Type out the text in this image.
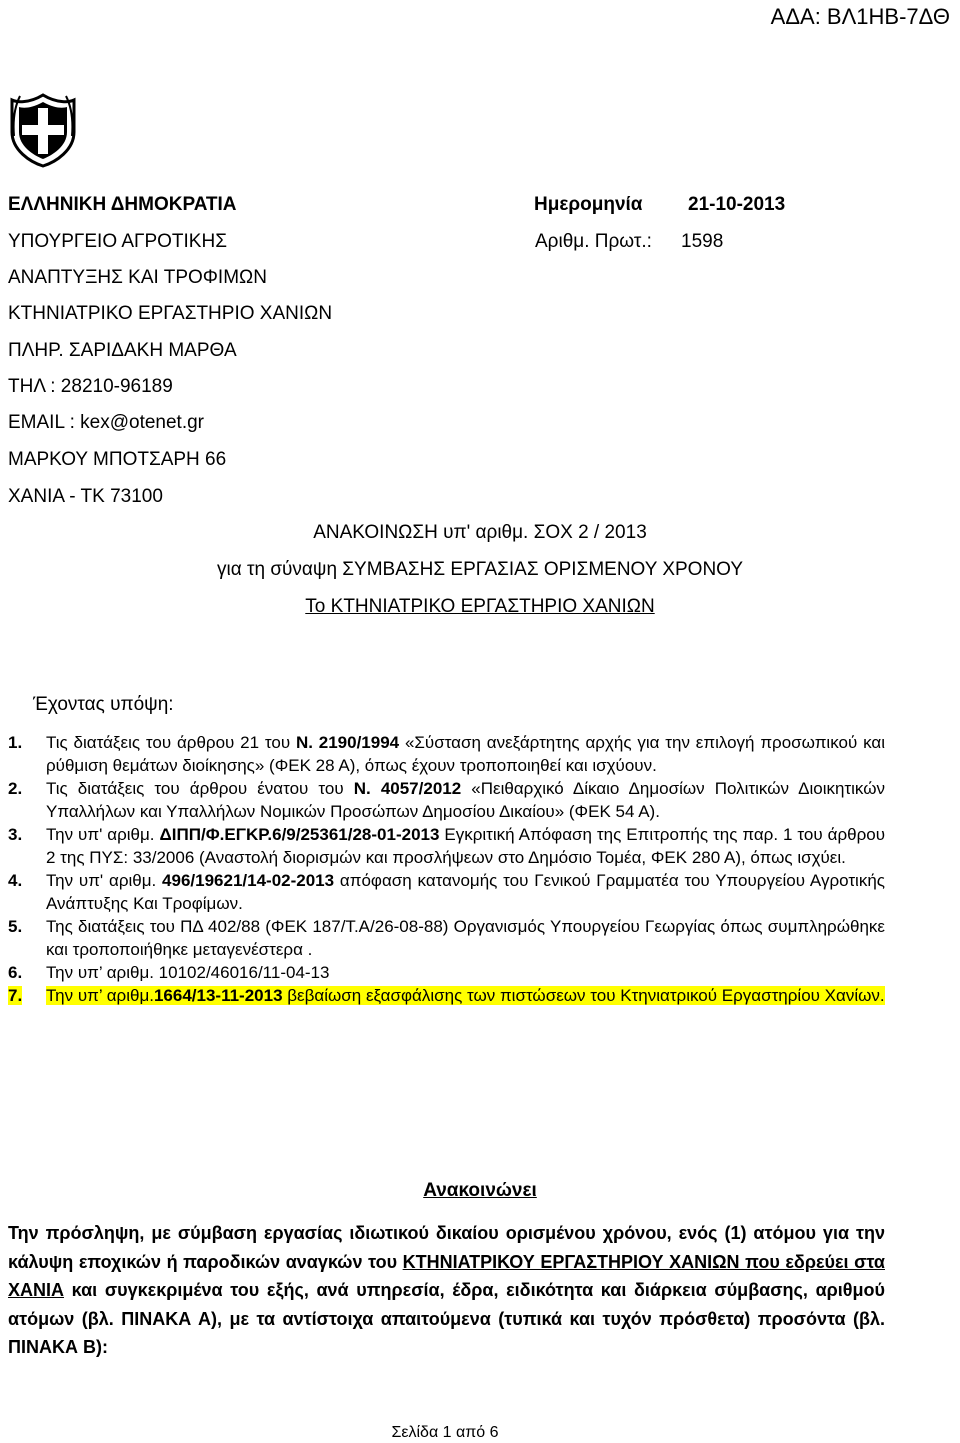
ΑΔΑ: ΒΛ1ΗΒ-7ΔΘ
ΕΛΛΗΝΙΚΗ ΔΗΜΟΚΡΑΤΙΑ
ΥΠΟΥΡΓΕΙΟ ΑΓΡΟΤΙΚΗΣ
ΑΝΑΠΤΥΞΗΣ ΚΑΙ ΤΡΟΦΙΜΩΝ
ΚΤΗΝΙΑΤΡΙΚΟ ΕΡΓΑΣΤΗΡΙΟ ΧΑΝΙΩΝ
ΠΛΗΡ. ΣΑΡΙΔΑΚΗ ΜΑΡΘΑ
ΤΗΛ : 28210-96189
EMAIL : kex@otenet.gr
ΜΑΡΚΟΥ ΜΠΟΤΣΑΡΗ 66
ΧΑΝΙΑ - ΤΚ 73100
Ημερομηνία 21-10-2013
Αριθμ. Πρωτ.: 1598
ΑΝΑΚΟΙΝΩΣΗ υπ' αριθμ. ΣΟΧ 2 / 2013
για τη σύναψη ΣΥΜΒΑΣΗΣ ΕΡΓΑΣΙΑΣ ΟΡΙΣΜΕΝΟΥ ΧΡΟΝΟΥ
Το ΚΤΗΝΙΑΤΡΙΚΟ ΕΡΓΑΣΤΗΡΙΟ ΧΑΝΙΩΝ
Έχοντας υπόψη:
1.	Τις διατάξεις του άρθρου 21 του Ν. 2190/1994 «Σύσταση ανεξάρτητης αρχής για την επιλογή προσωπικού και ρύθμιση θεμάτων διοίκησης» (ΦΕΚ 28 Α), όπως έχουν τροποποιηθεί και ισχύουν.
2.	Τις διατάξεις του άρθρου ένατου του Ν. 4057/2012 «Πειθαρχικό Δίκαιο Δημοσίων Πολιτικών Διοικητικών Υπαλλήλων και Υπαλλήλων Νομικών Προσώπων Δημοσίου Δικαίου» (ΦΕΚ 54 Α).
3.	Την υπ' αριθμ. ΔΙΠΠ/Φ.ΕΓΚΡ.6/9/25361/28-01-2013 Εγκριτική Απόφαση της Επιτροπής της παρ. 1 του άρθρου 2 της ΠΥΣ: 33/2006 (Αναστολή διορισμών και προσλήψεων στο Δημόσιο Τομέα, ΦΕΚ 280 Α), όπως ισχύει.
4.	Την υπ' αριθμ. 496/19621/14-02-2013 απόφαση κατανομής του Γενικού Γραμματέα του Υπουργείου Αγροτικής Ανάπτυξης Και Τροφίμων.
5.	Της διατάξεις του ΠΔ 402/88 (ΦΕΚ 187/Τ.Α/26-08-88) Οργανισμός Υπουργείου Γεωργίας όπως συμπληρώθηκε και τροποποιήθηκε μεταγενέστερα .
6.	Την υπ’ αριθμ. 10102/46016/11-04-13
7.	Την υπ’ αριθμ.1664/13-11-2013 βεβαίωση εξασφάλισης των πιστώσεων του Κτηνιατρικού Εργαστηρίου Χανίων.
Ανακοινώνει
Την πρόσληψη, με σύμβαση εργασίας ιδιωτικού δικαίου ορισμένου χρόνου, ενός (1) ατόμου για την κάλυψη εποχικών ή παροδικών αναγκών του ΚΤΗΝΙΑΤΡΙΚΟΥ ΕΡΓΑΣΤΗΡΙΟΥ ΧΑΝΙΩΝ που εδρεύει στα ΧΑΝΙΑ και συγκεκριμένα του εξής, ανά υπηρεσία, έδρα, ειδικότητα και διάρκεια σύμβασης, αριθμού ατόμων (βλ. ΠΙΝΑΚΑ Α), με τα αντίστοιχα απαιτούμενα (τυπικά και τυχόν πρόσθετα) προσόντα (βλ. ΠΙΝΑΚΑ Β):
Σελίδα 1 από 6
